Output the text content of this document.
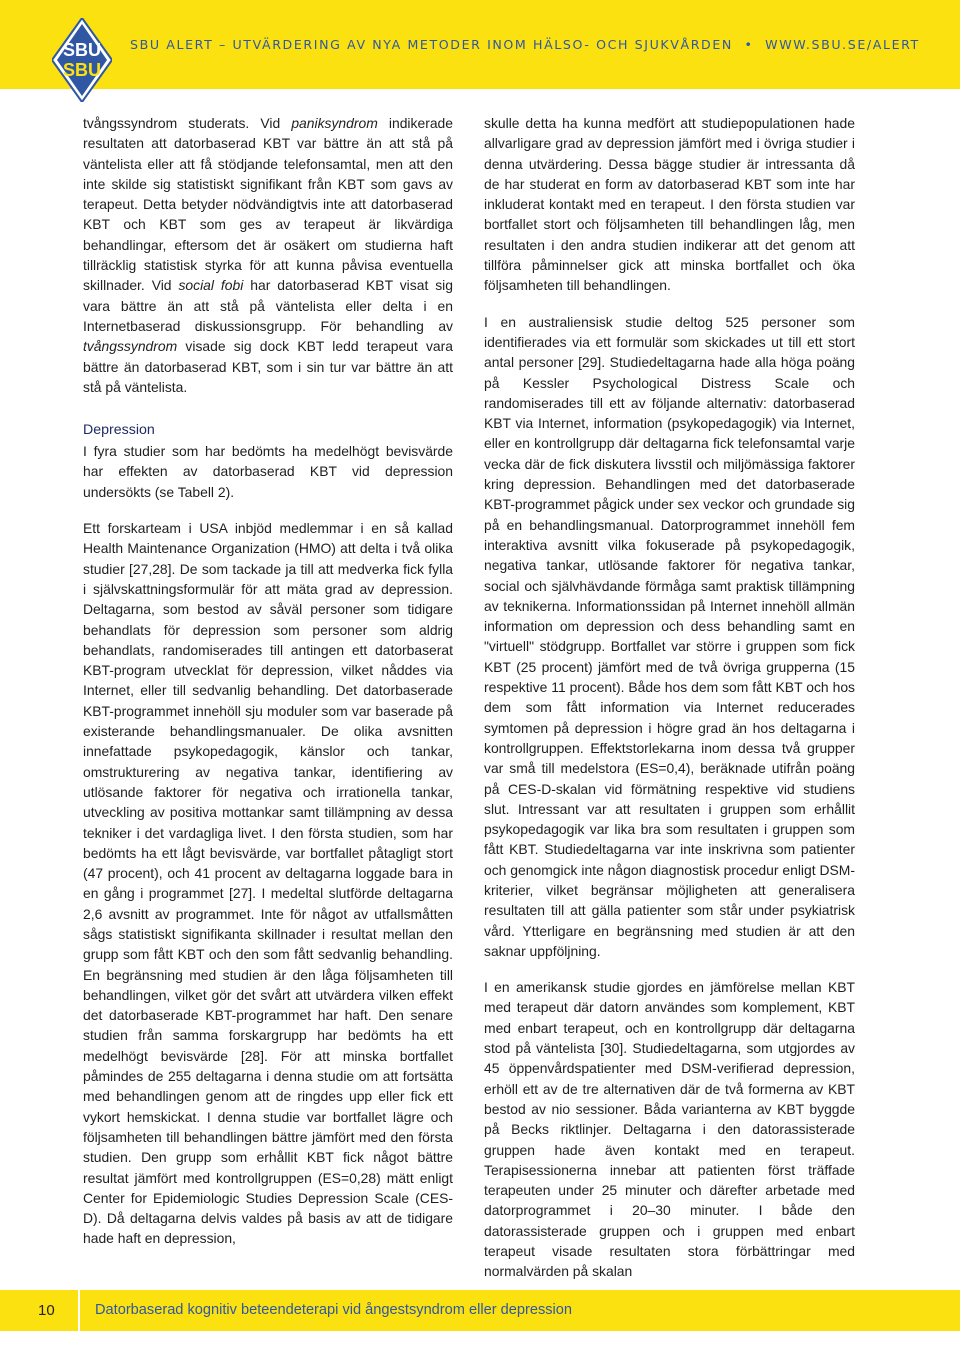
SBU
SBU
SBU ALERT – UTVÄRDERING AV NYA METODER INOM HÄLSO- OCH SJUKVÅRDEN • WWW.SBU.SE/ALERT

tvångssyndrom studerats. Vid paniksyndrom indikerade resultaten att datorbaserad KBT var bättre än att stå på väntelista eller att få stödjande telefonsamtal, men att den inte skilde sig statistiskt signifikant från KBT som gavs av terapeut. Detta betyder nödvändigtvis inte att datorbaserad KBT och KBT som ges av terapeut är likvärdiga behandlingar, eftersom det är osäkert om studierna haft tillräcklig statistisk styrka för att kunna påvisa eventuella skillnader. Vid social fobi har datorbaserad KBT visat sig vara bättre än att stå på väntelista eller delta i en Internetbaserad diskussionsgrupp. För behandling av tvångssyndrom visade sig dock KBT ledd terapeut vara bättre än datorbaserad KBT, som i sin tur var bättre än att stå på väntelista.

Depression

I fyra studier som har bedömts ha medelhögt bevisvärde har effekten av datorbaserad KBT vid depression undersökts (se Tabell 2).

Ett forskarteam i USA inbjöd medlemmar i en så kallad Health Maintenance Organization (HMO) att delta i två olika studier [27,28]. De som tackade ja till att medverka fick fylla i självskattningsformulär för att mäta grad av depression. Deltagarna, som bestod av såväl personer som tidigare behandlats för depression som personer som aldrig behandlats, randomiserades till antingen ett datorbaserat KBT-program utvecklat för depression, vilket nåddes via Internet, eller till sedvanlig behandling. Det datorbaserade KBT-programmet innehöll sju moduler som var baserade på existerande behandlingsmanualer. De olika avsnitten innefattade psykopedagogik, känslor och tankar, omstrukturering av negativa tankar, identifiering av utlösande faktorer för negativa och irrationella tankar, utveckling av positiva mottankar samt tillämpning av dessa tekniker i det vardagliga livet. I den första studien, som har bedömts ha ett lågt bevisvärde, var bortfallet påtagligt stort (47 procent), och 41 procent av deltagarna loggade bara in en gång i programmet [27]. I medeltal slutförde deltagarna 2,6 avsnitt av programmet. Inte för något av utfallsmåtten sågs statistiskt signifikanta skillnader i resultat mellan den grupp som fått KBT och den som fått sedvanlig behandling. En begränsning med studien är den låga följsamheten till behandlingen, vilket gör det svårt att utvärdera vilken effekt det datorbaserade KBT-programmet har haft. Den senare studien från samma forskargrupp har bedömts ha ett medelhögt bevisvärde [28]. För att minska bortfallet påmindes de 255 deltagarna i denna studie om att fortsätta med behandlingen genom att de ringdes upp eller fick ett vykort hemskickat. I denna studie var bortfallet lägre och följsamheten till behandlingen bättre jämfört med den första studien. Den grupp som erhållit KBT fick något bättre resultat jämfört med kontrollgruppen (ES=0,28) mätt enligt Center for Epidemiologic Studies Depression Scale (CES-D). Då deltagarna delvis valdes på basis av att de tidigare hade haft en depression,

skulle detta ha kunna medfört att studiepopulationen hade allvarligare grad av depression jämfört med i övriga studier i denna utvärdering. Dessa bägge studier är intressanta då de har studerat en form av datorbaserad KBT som inte har inkluderat kontakt med en terapeut. I den första studien var bortfallet stort och följsamheten till behandlingen låg, men resultaten i den andra studien indikerar att det genom att tillföra påminnelser gick att minska bortfallet och öka följsamheten till behandlingen.

I en australiensisk studie deltog 525 personer som identifierades via ett formulär som skickades ut till ett stort antal personer [29]. Studiedeltagarna hade alla höga poäng på Kessler Psychological Distress Scale och randomiserades till ett av följande alternativ: datorbaserad KBT via Internet, information (psykopedagogik) via Internet, eller en kontrollgrupp där deltagarna fick telefonsamtal varje vecka där de fick diskutera livsstil och miljömässiga faktorer kring depression. Behandlingen med det datorbaserade KBT-programmet pågick under sex veckor och grundade sig på en behandlingsmanual. Datorprogrammet innehöll fem interaktiva avsnitt vilka fokuserade på psykopedagogik, negativa tankar, utlösande faktorer för negativa tankar, social och självhävdande förmåga samt praktisk tillämpning av teknikerna. Informationssidan på Internet innehöll allmän information om depression och dess behandling samt en "virtuell" stödgrupp. Bortfallet var större i gruppen som fick KBT (25 procent) jämfört med de två övriga grupperna (15 respektive 11 procent). Både hos dem som fått KBT och hos dem som fått information via Internet reducerades symtomen på depression i högre grad än hos deltagarna i kontrollgruppen. Effektstorlekarna inom dessa två grupper var små till medelstora (ES=0,4), beräknade utifrån poäng på CES-D-skalan vid förmätning respektive vid studiens slut. Intressant var att resultaten i gruppen som erhållit psykopedagogik var lika bra som resultaten i gruppen som fått KBT. Studiedeltagarna var inte inskrivna som patienter och genomgick inte någon diagnostisk procedur enligt DSM-kriterier, vilket begränsar möjligheten att generalisera resultaten till att gälla patienter som står under psykiatrisk vård. Ytterligare en begränsning med studien är att den saknar uppföljning.

I en amerikansk studie gjordes en jämförelse mellan KBT med terapeut där datorn användes som komplement, KBT med enbart terapeut, och en kontrollgrupp där deltagarna stod på väntelista [30]. Studiedeltagarna, som utgjordes av 45 öppenvårdspatienter med DSM-verifierad depression, erhöll ett av de tre alternativen där de två formerna av KBT bestod av nio sessioner. Båda varianterna av KBT byggde på Becks riktlinjer. Deltagarna i den datorassisterade gruppen hade även kontakt med en terapeut. Terapisessionerna innebar att patienten först träffade terapeuten under 25 minuter och därefter arbetade med datorprogrammet i 20–30 minuter. I både den datorassisterade gruppen och i gruppen med enbart terapeut visade resultaten stora förbättringar med normalvärden på skalan

10	Datorbaserad kognitiv beteendeterapi vid ångestsyndrom eller depression
